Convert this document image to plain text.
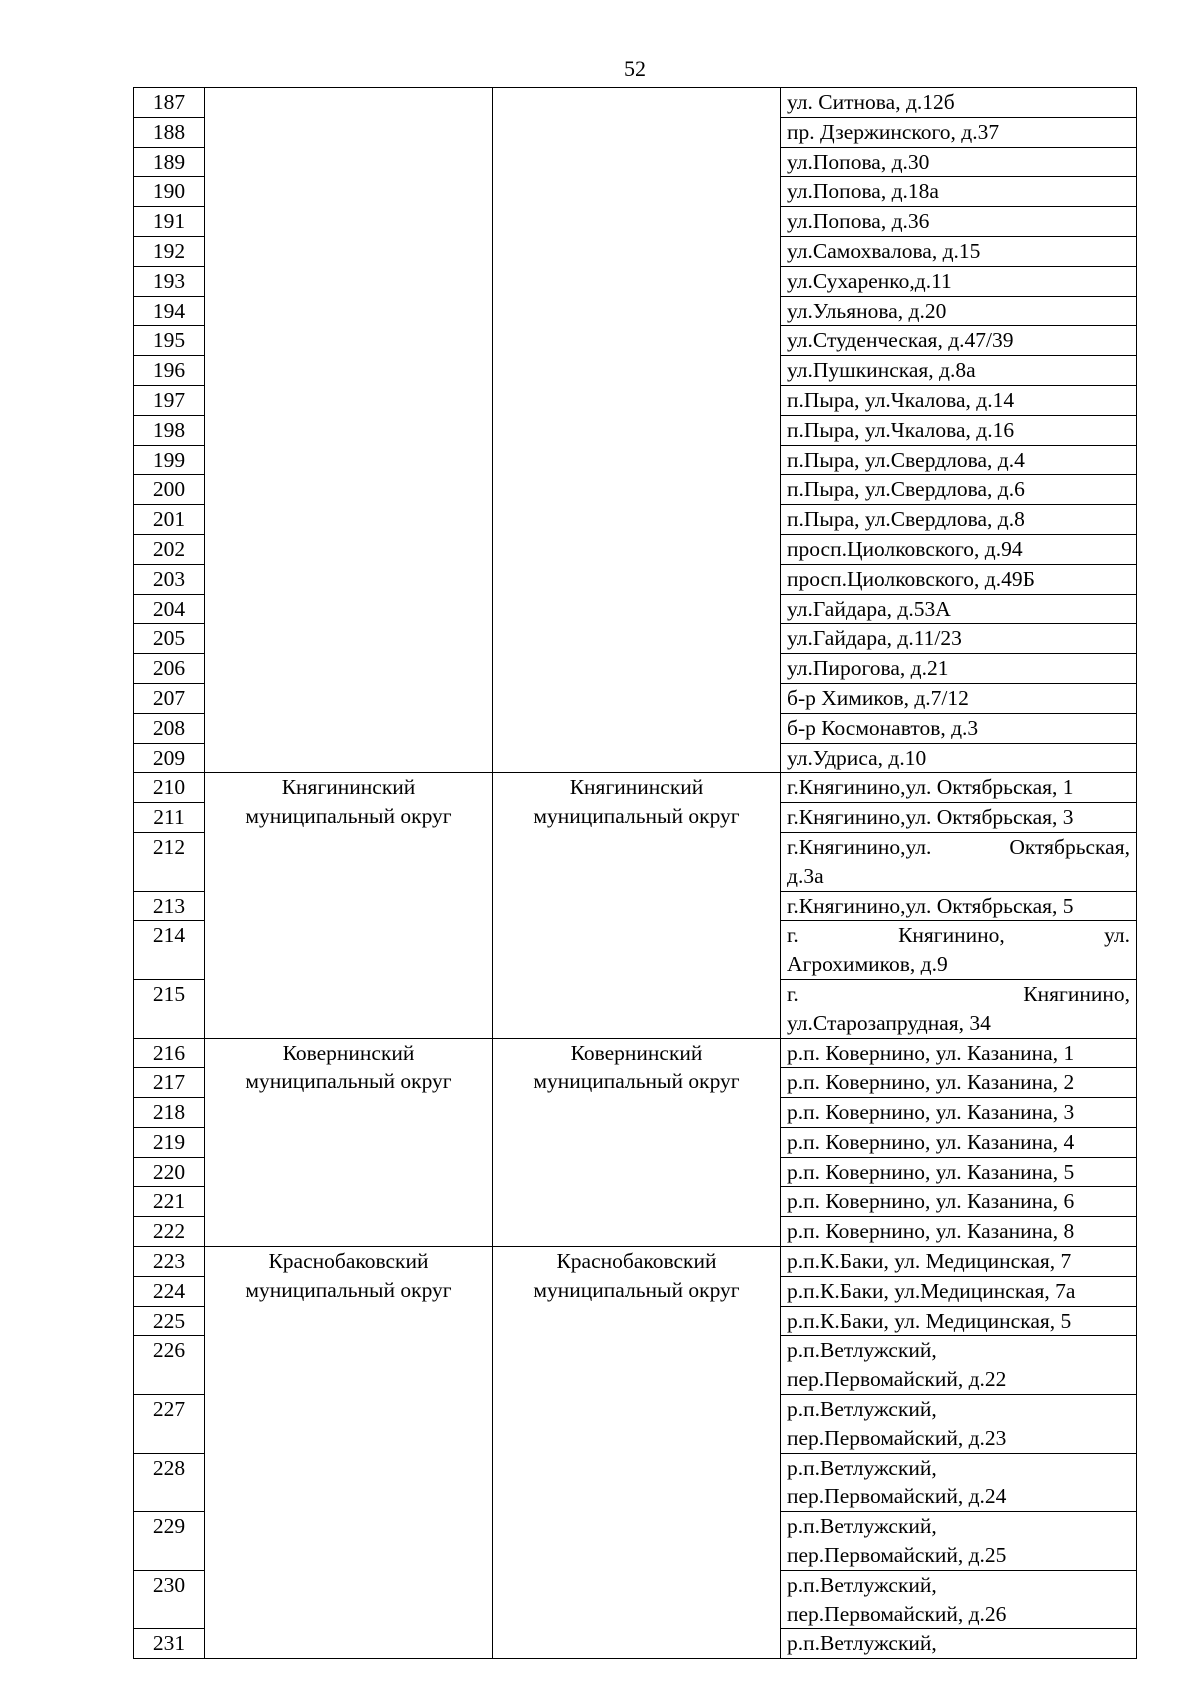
52
187			ул. Ситнова, д.12б

188			пр. Дзержинского, д.37

189			ул.Попова, д.30

190			ул.Попова, д.18а

191			ул.Попова, д.36

192			ул.Самохвалова, д.15

193			ул.Сухаренко,д.11

194			ул.Ульянова, д.20

195			ул.Студенческая, д.47/39

196			ул.Пушкинская, д.8а

197			п.Пыра, ул.Чкалова, д.14

198			п.Пыра, ул.Чкалова, д.16

199			п.Пыра, ул.Свердлова, д.4

200			п.Пыра, ул.Свердлова, д.6

201			п.Пыра, ул.Свердлова, д.8

202			просп.Циолковского, д.94

203			просп.Циолковского, д.49Б

204			ул.Гайдара, д.53А

205			ул.Гайдара, д.11/23

206			ул.Пирогова, д.21

207			б-р Химиков, д.7/12

208			б-р Космонавтов, д.3

209			ул.Удриса, д.10

210	Княгининский муниципальный округ	Княгининский муниципальный округ	г.Княгинино,ул. Октябрьская, 1

211			г.Княгинино,ул. Октябрьская, 3

212			г.Княгинино,ул. Октябрьская,
д.3а

213			г.Княгинино,ул. Октябрьская, 5

214			г. Княгинино, ул.
Агрохимиков, д.9

215			г. Княгинино,
ул.Старозапрудная, 34

216	Ковернинский муниципальный округ	Ковернинский муниципальный округ	р.п. Ковернино, ул. Казанина, 1

217			р.п. Ковернино, ул. Казанина, 2

218			р.п. Ковернино, ул. Казанина, 3

219			р.п. Ковернино, ул. Казанина, 4

220			р.п. Ковернино, ул. Казанина, 5

221			р.п. Ковернино, ул. Казанина, 6

222			р.п. Ковернино, ул. Казанина, 8

223	Краснобаковский муниципальный округ	Краснобаковский муниципальный округ	р.п.К.Баки, ул. Медицинская, 7

224			р.п.К.Баки, ул.Медицинская, 7а

225			р.п.К.Баки, ул. Медицинская, 5

226			р.п.Ветлужский,
пер.Первомайский, д.22

227			р.п.Ветлужский,
пер.Первомайский, д.23

228			р.п.Ветлужский,
пер.Первомайский, д.24

229			р.п.Ветлужский,
пер.Первомайский, д.25

230			р.п.Ветлужский,
пер.Первомайский, д.26

231			р.п.Ветлужский,
